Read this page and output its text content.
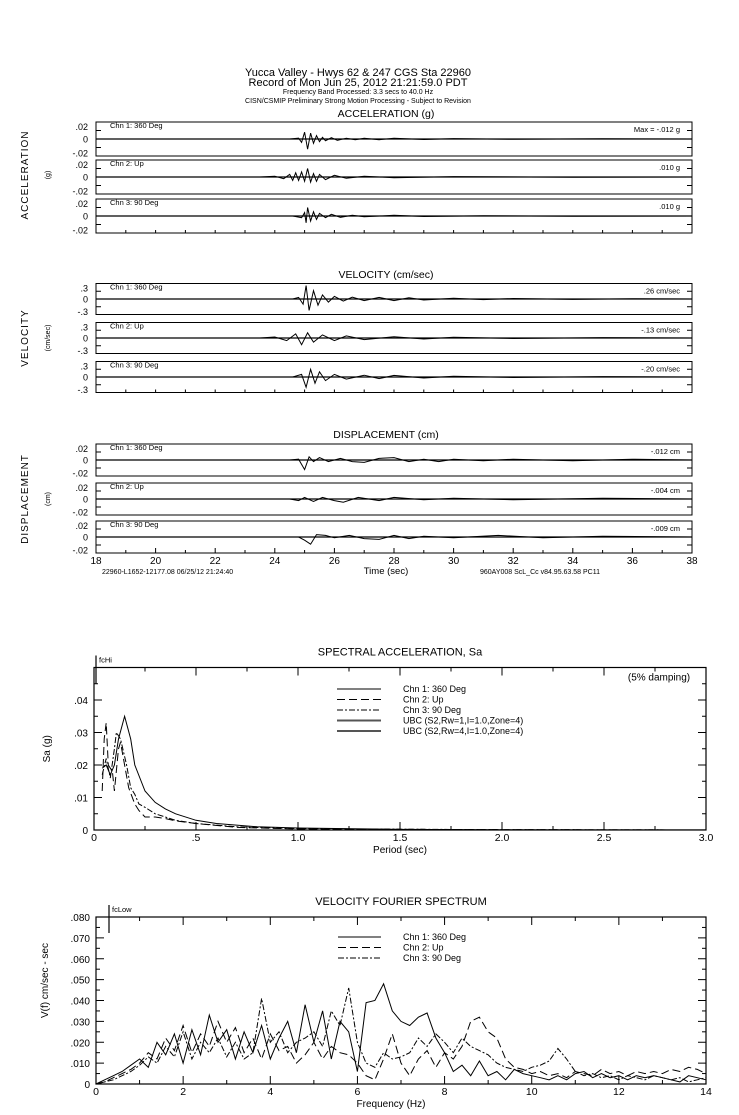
Yucca Valley - Hwys 62 & 247 CGS Sta 22960
Record of Mon Jun 25, 2012 21:21:59.0 PDT
Frequency Band Processed: 3.3 secs to 40.0 Hz
CISN/CSMIP Preliminary Strong Motion Processing - Subject to Revision
ACCELERATION (g)
ACCELERATION (g)
.02
0
-.02
Chn 1: 360 Deg	Max = -.012 g
.02
0
-.02
Chn 2: Up	.010 g
.02
0
-.02
Chn 3: 90 Deg	.010 g
VELOCITY (cm/sec)
VELOCITY (cm/sec)
.3
0
-.3
Chn 1: 360 Deg	.26 cm/sec
.3
0
-.3
Chn 2: Up	-.13 cm/sec
.3
0
-.3
Chn 3: 90 Deg	-.20 cm/sec
DISPLACEMENT (cm)
DISPLACEMENT (cm)
.02
0
-.02
Chn 1: 360 Deg	-.012 cm
.02
0
-.02
Chn 2: Up	-.004 cm
.02
0
-.02
Chn 3: 90 Deg	-.009 cm
18	20	22	24	26	28	30	32	34	36	38
Time (sec)
22960-L1652-12177.08 06/25/12 21:24:40	960AY008 ScL_Cc v84.95.63.58 PC11
SPECTRAL ACCELERATION, Sa
0
.01
.02
.03
.04
0	.5	1.0	1.5	2.0	2.5	3.0
Period (sec)
Sa (g)
fcHi
(5% damping)
Chn 1: 360 Deg
Chn 2: Up
Chn 3: 90 Deg
UBC (S2,Rw=1,I=1.0,Zone=4)
UBC (S2,Rw=4,I=1.0,Zone=4)
VELOCITY FOURIER SPECTRUM
0
.010
.020
.030
.040
.050
.060
.070
.080
0	2	4	6	8	10	12	14
Frequency (Hz)
V(f) cm/sec - sec
fcLow
Chn 1: 360 Deg
Chn 2: Up
Chn 3: 90 Deg
